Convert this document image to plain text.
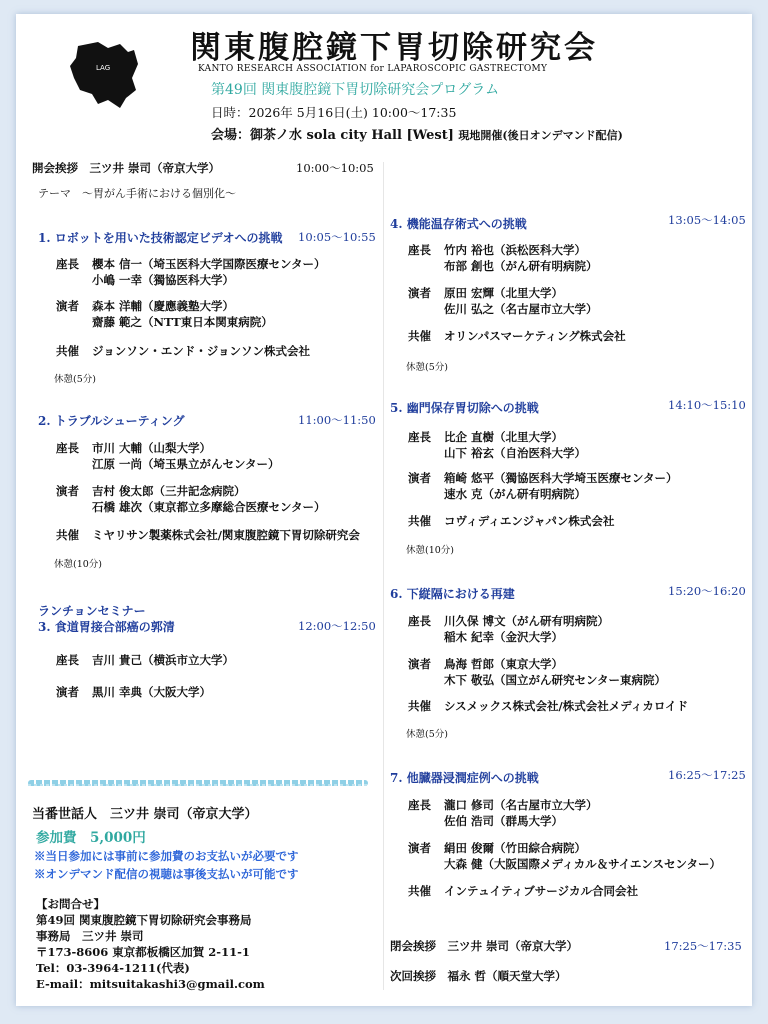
LAG
関東腹腔鏡下胃切除研究会
KANTO RESEARCH ASSOCIATION for LAPAROSCOPIC GASTRECTOMY
第49回 関東腹腔鏡下胃切除研究会プログラム
日時：2026年 5月16日(土) 10:00～17:35
会場：御茶ノ水 sola city Hall [West] 現地開催(後日オンデマンド配信)
開会挨拶　三ツ井 崇司（帝京大学）	10:00～10:05
テーマ　～胃がん手術における個別化～
1. ロボットを用いた技術認定ビデオへの挑戦 10:05～10:55
座長 櫻本 信一（埼玉医科大学国際医療センター）
小嶋 一幸（獨協医科大学）
演者 森本 洋輔（慶應義塾大学）
齋藤 範之（NTT東日本関東病院）
共催 ジョンソン・エンド・ジョンソン株式会社
休憩(5分)
2. トラブルシューティング	11:00～11:50
座長 市川 大輔（山梨大学）
江原 一尚（埼玉県立がんセンター）
演者 吉村 俊太郎（三井記念病院）
石橋 雄次（東京都立多摩総合医療センター）
共催 ミヤリサン製薬株式会社/関東腹腔鏡下胃切除研究会
休憩(10分)
ランチョンセミナー
3. 食道胃接合部癌の郭清	12:00～12:50
座長 吉川 貴己（横浜市立大学）
演者 黒川 幸典（大阪大学）
4. 機能温存術式への挑戦	13:05～14:05
座長 竹内 裕也（浜松医科大学）
布部 創也（がん研有明病院）
演者 原田 宏輝（北里大学）
佐川 弘之（名古屋市立大学）
共催 オリンパスマーケティング株式会社
休憩(5分)
5. 幽門保存胃切除への挑戦	14:10～15:10
座長 比企 直樹（北里大学）
山下 裕玄（自治医科大学）
演者 箱崎 悠平（獨協医科大学埼玉医療センター）
速水 克（がん研有明病院）
共催 コヴィディエンジャパン株式会社
休憩(10分)
6. 下縦隔における再建	15:20～16:20
座長 川久保 博文（がん研有明病院）
稲木 紀幸（金沢大学）
演者 鳥海 哲郎（東京大学）
木下 敬弘（国立がん研究センター東病院）
共催 シスメックス株式会社/株式会社メディカロイド
休憩(5分)
7. 他臓器浸潤症例への挑戦	16:25～17:25
座長 瀧口 修司（名古屋市立大学）
佐伯 浩司（群馬大学）
演者 絹田 俊爾（竹田綜合病院）
大森 健（大阪国際メディカル＆サイエンスセンター）
共催 インテュイティブサージカル合同会社
当番世話人　三ツ井 崇司（帝京大学）
参加費　5,000円
※当日参加には事前に参加費のお支払いが必要です
※オンデマンド配信の視聴は事後支払いが可能です
【お問合せ】
第49回 関東腹腔鏡下胃切除研究会事務局
事務局　三ツ井 崇司
〒173-8606 東京都板橋区加賀 2-11-1
Tel：03-3964-1211(代表)
E-mail：mitsuitakashi3@gmail.com
閉会挨拶　三ツ井 崇司（帝京大学）	17:25～17:35
次回挨拶　福永 哲（順天堂大学）
